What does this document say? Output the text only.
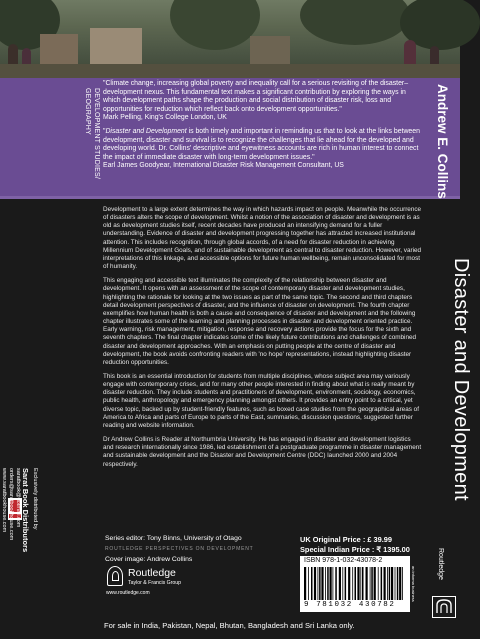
DEVELOPMENT STUDIES/
GEOGRAPHY

"Climate change, increasing global poverty and inequality call for a serious revisiting of the disaster–development nexus. This fundamental text makes a significant contribution by exploring the ways in which development paths shape the production and social distribution of disaster risk, loss and opportunities for reduction which reflect back onto development opportunities."
Mark Pelling, King's College London, UK

"Disaster and Development is both timely and important in reminding us that to look at the links between development, disaster and survival is to recognize the challenges that lie ahead for the developed and developing world. Dr. Collins' descriptive and eyewitness accounts are rich in human interest to connect the impact of immediate disaster with long-term development issues."
Earl James Goodyear, International Disaster Risk Management Consultant, US

Development to a large extent determines the way in which hazards impact on people. Meanwhile the occurrence of disasters alters the scope of development. Whilst a notion of the association of disaster and development is as old as development studies itself, recent decades have produced an intensifying demand for a fuller understanding. Evidence of disaster and development progressing together has attracted increased institutional attention. This includes recognition, through global accords, of a need for disaster reduction in achieving Millennium Development Goals, and of sustainable development as central to disaster reduction. However, varied interpretations of this linkage, and accessible options for future human wellbeing, remain unconsolidated for most of humanity.

This engaging and accessible text illuminates the complexity of the relationship between disaster and development. It opens with an assessment of the scope of contemporary disaster and development studies, highlighting the rationale for looking at the two issues as part of the same topic. The second and third chapters detail development perspectives of disaster, and the influence of disaster on development. The fourth chapter exemplifies how human health is both a cause and consequence of disaster and development and the following chapter illustrates some of the learning and planning processes in disaster and development oriented practice. Early warning, risk management, mitigation, response and recovery actions provide the focus for the sixth and seventh chapters. The final chapter indicates some of the likely future contributions and challenges of combined disaster and development approaches. With an emphasis on putting people at the centre of disaster and development, the book avoids confronting readers with 'no hope' representations, instead highlighting disaster reduction opportunities.

This book is an essential introduction for students from multiple disciplines, whose subject area may variously engage with contemporary crises, and for many other people interested in finding about what is really meant by disaster reduction. They include students and practitioners of development, environment, sociology, economics, public health, anthropology and emergency planning amongst others. It provides an entry point to a critical, yet diverse topic, backed up by student-friendly features, such as boxed case studies from the geographical areas of America to Africa and parts of Europe to parts of the East, summaries, discussion questions, suggested further reading and website information.

Dr Andrew Collins is Reader at Northumbria University. He has engaged in disaster and development logistics and research internationally since 1986, led establishment of a postgraduate programme in disaster management and sustainable development and the Disaster and Development Centre (DDC) launched 2000 and 2004 respectively.

Andrew E. Collins
Disaster and Development
Routledge
Exclusively distributed by
Sarat Book Distributors
saratbook@hotmail.com
orders@saratbookhouse.com
www.saratbookhouse.com
Series editor: Tony Binns, University of Otago
ROUTLEDGE PERSPECTIVES ON DEVELOPMENT
Cover image: Andrew Collins
Routledge
Taylor & Francis Group
www.routledge.com
UK Original Price : £ 39.99
Special Indian Price : ₹ 1395.00
ISBN 978-1-032-43078-2
9 781032 430782
an informa business
For sale in India, Pakistan, Nepal, Bhutan, Bangladesh and Sri Lanka only.
